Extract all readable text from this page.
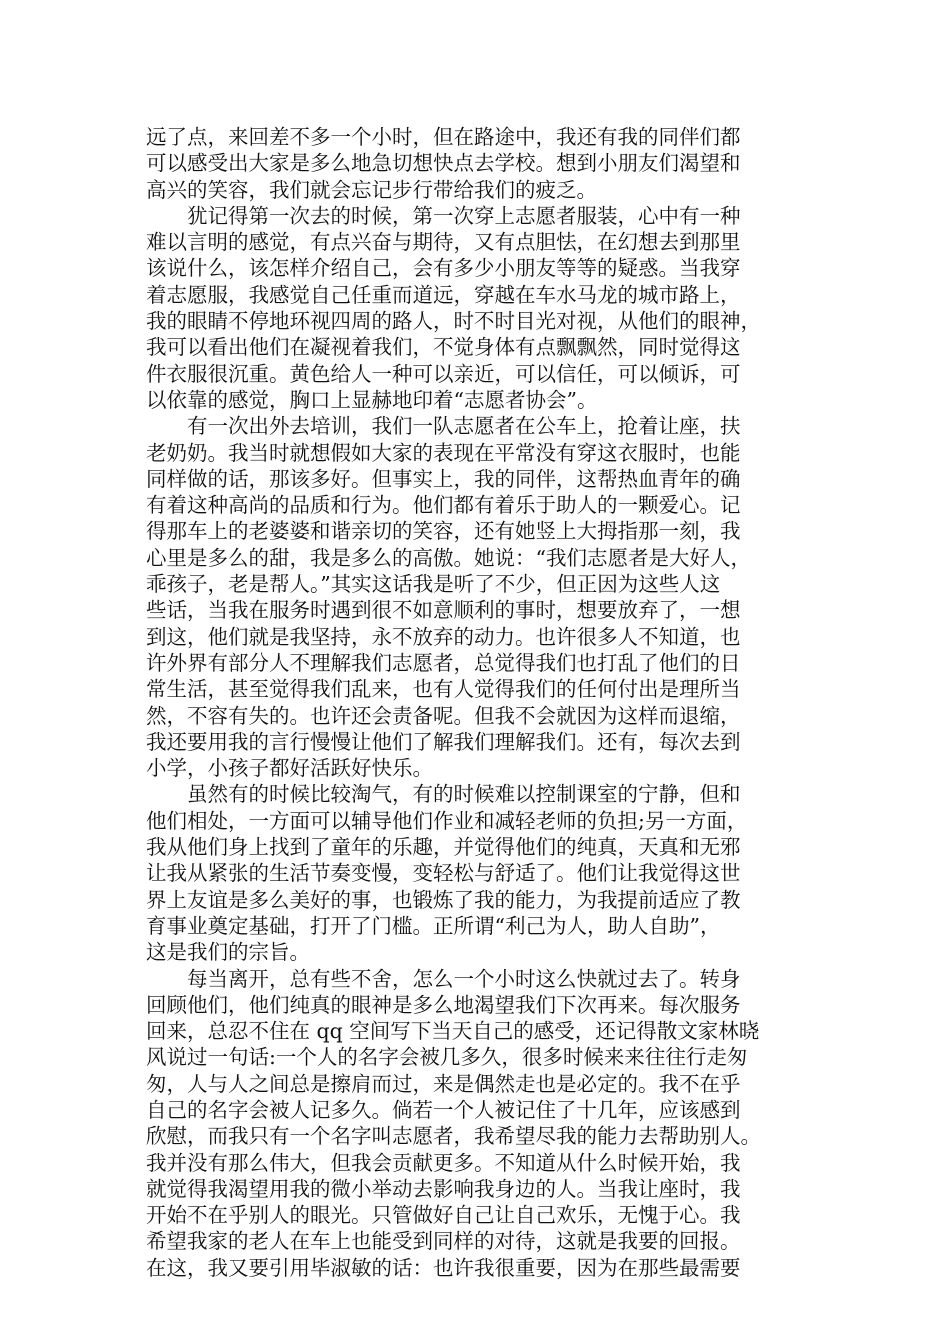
远了点，来回差不多一个小时，但在路途中，我还有我的同伴们都
可以感受出大家是多么地急切想快点去学校。想到小朋友们渴望和
高兴的笑容，我们就会忘记步行带给我们的疲乏。
犹记得第一次去的时候，第一次穿上志愿者服装，心中有一种
难以言明的感觉，有点兴奋与期待，又有点胆怯，在幻想去到那里
该说什么，该怎样介绍自己，会有多少小朋友等等的疑惑。当我穿
着志愿服，我感觉自己任重而道远，穿越在车水马龙的城市路上，
我的眼睛不停地环视四周的路人，时不时目光对视，从他们的眼神，
我可以看出他们在凝视着我们，不觉身体有点飘飘然，同时觉得这
件衣服很沉重。黄色给人一种可以亲近，可以信任，可以倾诉，可
以依靠的感觉，胸口上显赫地印着“志愿者协会”。
有一次出外去培训，我们一队志愿者在公车上，抢着让座，扶
老奶奶。我当时就想假如大家的表现在平常没有穿这衣服时，也能
同样做的话，那该多好。但事实上，我的同伴，这帮热血青年的确
有着这种高尚的品质和行为。他们都有着乐于助人的一颗爱心。记
得那车上的老婆婆和谐亲切的笑容，还有她竖上大拇指那一刻，我
心里是多么的甜，我是多么的高傲。她说：“我们志愿者是大好人，
乖孩子，老是帮人。”其实这话我是听了不少，但正因为这些人这
些话，当我在服务时遇到很不如意顺利的事时，想要放弃了，一想
到这，他们就是我坚持，永不放弃的动力。也许很多人不知道，也
许外界有部分人不理解我们志愿者，总觉得我们也打乱了他们的日
常生活，甚至觉得我们乱来，也有人觉得我们的任何付出是理所当
然，不容有失的。也许还会责备呢。但我不会就因为这样而退缩，
我还要用我的言行慢慢让他们了解我们理解我们。还有，每次去到
小学，小孩子都好活跃好快乐。
虽然有的时候比较淘气，有的时候难以控制课室的宁静，但和
他们相处，一方面可以辅导他们作业和减轻老师的负担;另一方面，
我从他们身上找到了童年的乐趣，并觉得他们的纯真，天真和无邪
让我从紧张的生活节奏变慢，变轻松与舒适了。他们让我觉得这世
界上友谊是多么美好的事，也锻炼了我的能力，为我提前适应了教
育事业奠定基础，打开了门槛。正所谓“利己为人，助人自助”，
这是我们的宗旨。
每当离开，总有些不舍，怎么一个小时这么快就过去了。转身
回顾他们，他们纯真的眼神是多么地渴望我们下次再来。每次服务
回来，总忍不住在 qq 空间写下当天自己的感受，还记得散文家林晓
风说过一句话:一个人的名字会被几多久，很多时候来来往往行走匆
匆，人与人之间总是擦肩而过，来是偶然走也是必定的。我不在乎
自己的名字会被人记多久。倘若一个人被记住了十几年，应该感到
欣慰，而我只有一个名字叫志愿者，我希望尽我的能力去帮助别人。
我并没有那么伟大，但我会贡献更多。不知道从什么时候开始，我
就觉得我渴望用我的微小举动去影响我身边的人。当我让座时，我
开始不在乎别人的眼光。只管做好自己让自己欢乐，无愧于心。我
希望我家的老人在车上也能受到同样的对待，这就是我要的回报。
在这，我又要引用毕淑敏的话：也许我很重要，因为在那些最需要
